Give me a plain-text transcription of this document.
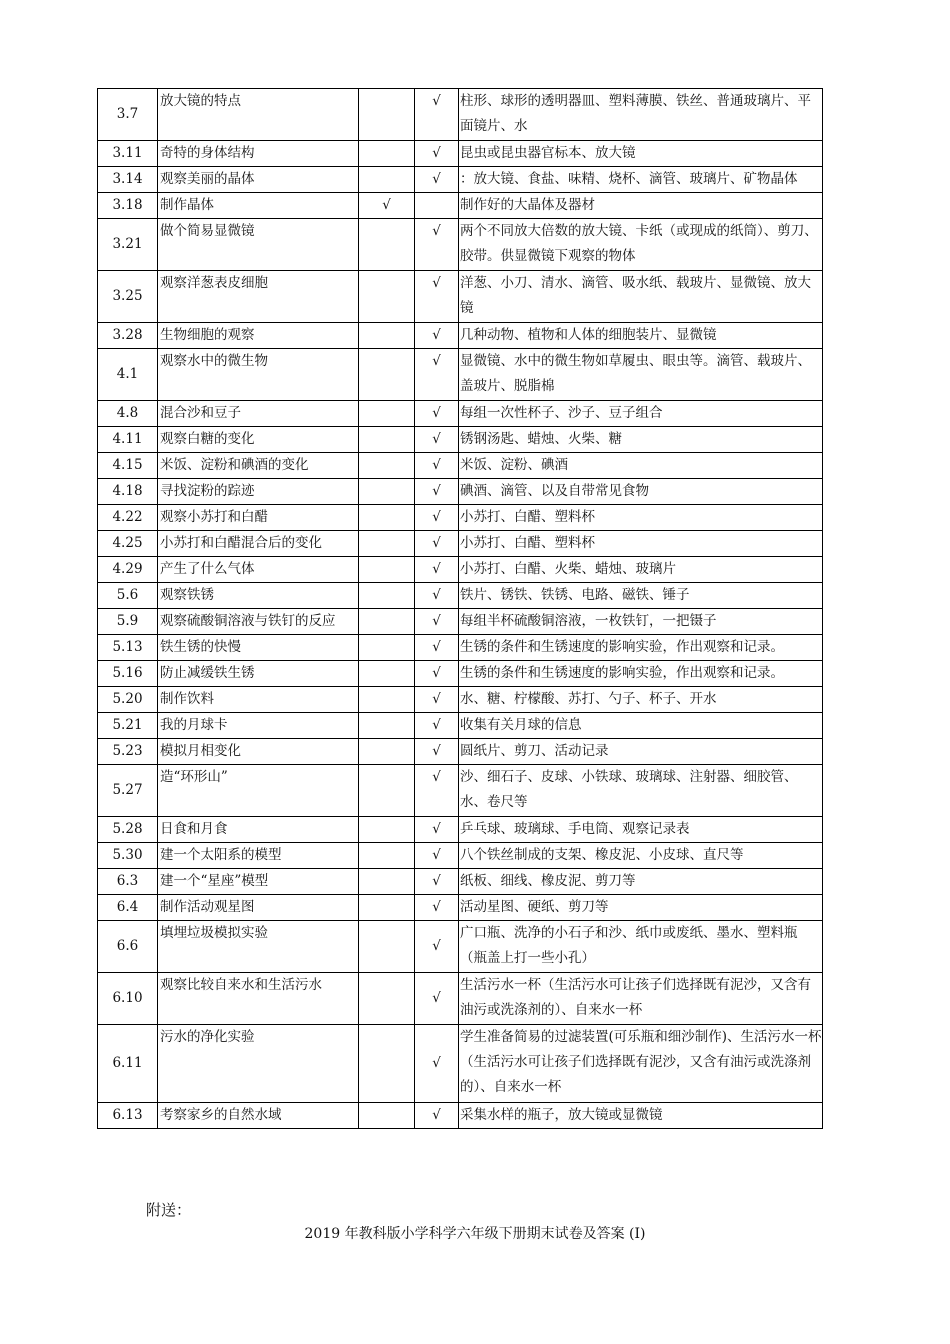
3.7	放大镜的特点		√	柱形、球形的透明器皿、塑料薄膜、铁丝、普通玻璃片、平面镜片、水
3.11	奇特的身体结构		√	昆虫或昆虫器官标本、放大镜
3.14	观察美丽的晶体		√	：放大镜、食盐、味精、烧杯、滴管、玻璃片、矿物晶体
3.18	制作晶体	√		制作好的大晶体及器材
3.21	做个简易显微镜		√	两个不同放大倍数的放大镜、卡纸（或现成的纸筒）、剪刀、胶带。供显微镜下观察的物体
3.25	观察洋葱表皮细胞		√	洋葱、小刀、清水、滴管、吸水纸、载玻片、显微镜、放大镜
3.28	生物细胞的观察		√	几种动物、植物和人体的细胞装片、显微镜
4.1	观察水中的微生物		√	显微镜、水中的微生物如草履虫、眼虫等。滴管、载玻片、盖玻片、脱脂棉
4.8	混合沙和豆子		√	每组一次性杯子、沙子、豆子组合
4.11	观察白糖的变化		√	锈钢汤匙、蜡烛、火柴、糖
4.15	米饭、淀粉和碘酒的变化		√	米饭、淀粉、碘酒
4.18	寻找淀粉的踪迹		√	碘酒、滴管、以及自带常见食物
4.22	观察小苏打和白醋		√	小苏打、白醋、塑料杯
4.25	小苏打和白醋混合后的变化		√	小苏打、白醋、塑料杯
4.29	产生了什么气体		√	小苏打、白醋、火柴、蜡烛、玻璃片
5.6	观察铁锈		√	铁片、锈铁、铁锈、电路、磁铁、锤子
5.9	观察硫酸铜溶液与铁钉的反应		√	每组半杯硫酸铜溶液，一枚铁钉，一把镊子
5.13	铁生锈的快慢		√	生锈的条件和生锈速度的影响实验，作出观察和记录。
5.16	防止减缓铁生锈		√	生锈的条件和生锈速度的影响实验，作出观察和记录。
5.20	制作饮料		√	水、糖、柠檬酸、苏打、勺子、杯子、开水
5.21	我的月球卡		√	收集有关月球的信息
5.23	模拟月相变化		√	圆纸片、剪刀、活动记录
5.27	造“环形山”		√	沙、细石子、皮球、小铁球、玻璃球、注射器、细胶管、水、卷尺等
5.28	日食和月食		√	乒乓球、玻璃球、手电筒、观察记录表
5.30	建一个太阳系的模型		√	八个铁丝制成的支架、橡皮泥、小皮球、直尺等
6.3	建一个“星座”模型		√	纸板、细线、橡皮泥、剪刀等
6.4	制作活动观星图		√	活动星图、硬纸、剪刀等
6.6	填埋垃圾模拟实验		√	广口瓶、洗净的小石子和沙、纸巾或废纸、墨水、塑料瓶（瓶盖上打一些小孔）
6.10	观察比较自来水和生活污水		√	生活污水一杯（生活污水可让孩子们选择既有泥沙，又含有油污或洗涤剂的）、自来水一杯
6.11	污水的净化实验		√	学生准备简易的过滤装置(可乐瓶和细沙制作)、生活污水一杯（生活污水可让孩子们选择既有泥沙，又含有油污或洗涤剂的）、自来水一杯
6.13	考察家乡的自然水域		√	采集水样的瓶子，放大镜或显微镜
附送：
2019 年教科版小学科学六年级下册期末试卷及答案 (I)
